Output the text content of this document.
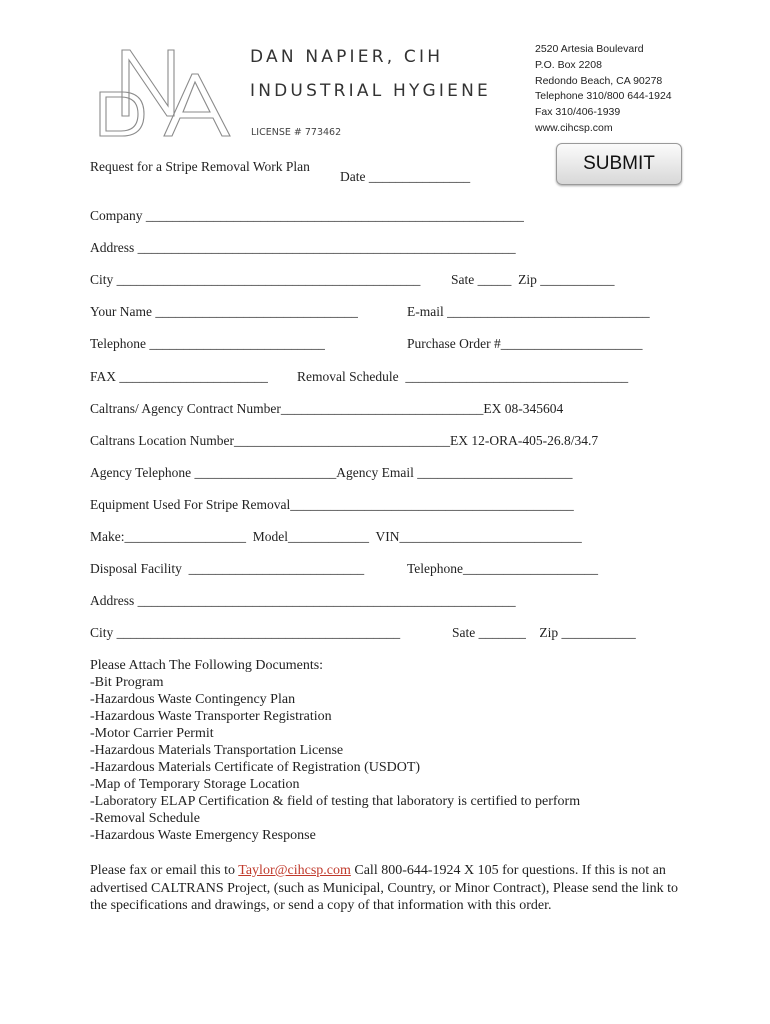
DAN NAPIER, CIH
INDUSTRIAL HYGIENE
LICENSE # 773462
2520 Artesia Boulevard
P.O. Box 2208
Redondo Beach, CA 90278
Telephone 310/800 644-1924
Fax 310/406-1939
www.cihcsp.com
Request for a Stripe Removal Work Plan
Date _______________
SUBMIT
Company ________________________________________________________
Address ________________________________________________________
City _____________________________________________ Sate _____  Zip ___________
Your Name ______________________________	E-mail ______________________________
Telephone __________________________	Purchase Order #_____________________
FAX ______________________ Removal Schedule  _________________________________
Caltrans/ Agency Contract Number______________________________EX 08-345604
Caltrans Location Number________________________________EX 12-ORA-405-26.8/34.7
Agency Telephone _____________________Agency Email _______________________
Equipment Used For Stripe Removal__________________________________________
Make:__________________  Model____________  VIN___________________________
Disposal Facility  __________________________	Telephone____________________
Address ________________________________________________________
City __________________________________________	Sate _______    Zip ___________
Please Attach The Following Documents:
-Bit Program
-Hazardous Waste Contingency Plan
-Hazardous Waste Transporter Registration
-Motor Carrier Permit
-Hazardous Materials Transportation License
-Hazardous Materials Certificate of Registration (USDOT)
-Map of Temporary Storage Location
-Laboratory ELAP Certification & field of testing that laboratory is certified to perform
-Removal Schedule
-Hazardous Waste Emergency Response
Please fax or email this to Taylor@cihcsp.com Call 800-644-1924 X 105 for questions. If this is not an advertised CALTRANS Project, (such as Municipal, Country, or Minor Contract), Please send the link to the specifications and drawings, or send a copy of that information with this order.
